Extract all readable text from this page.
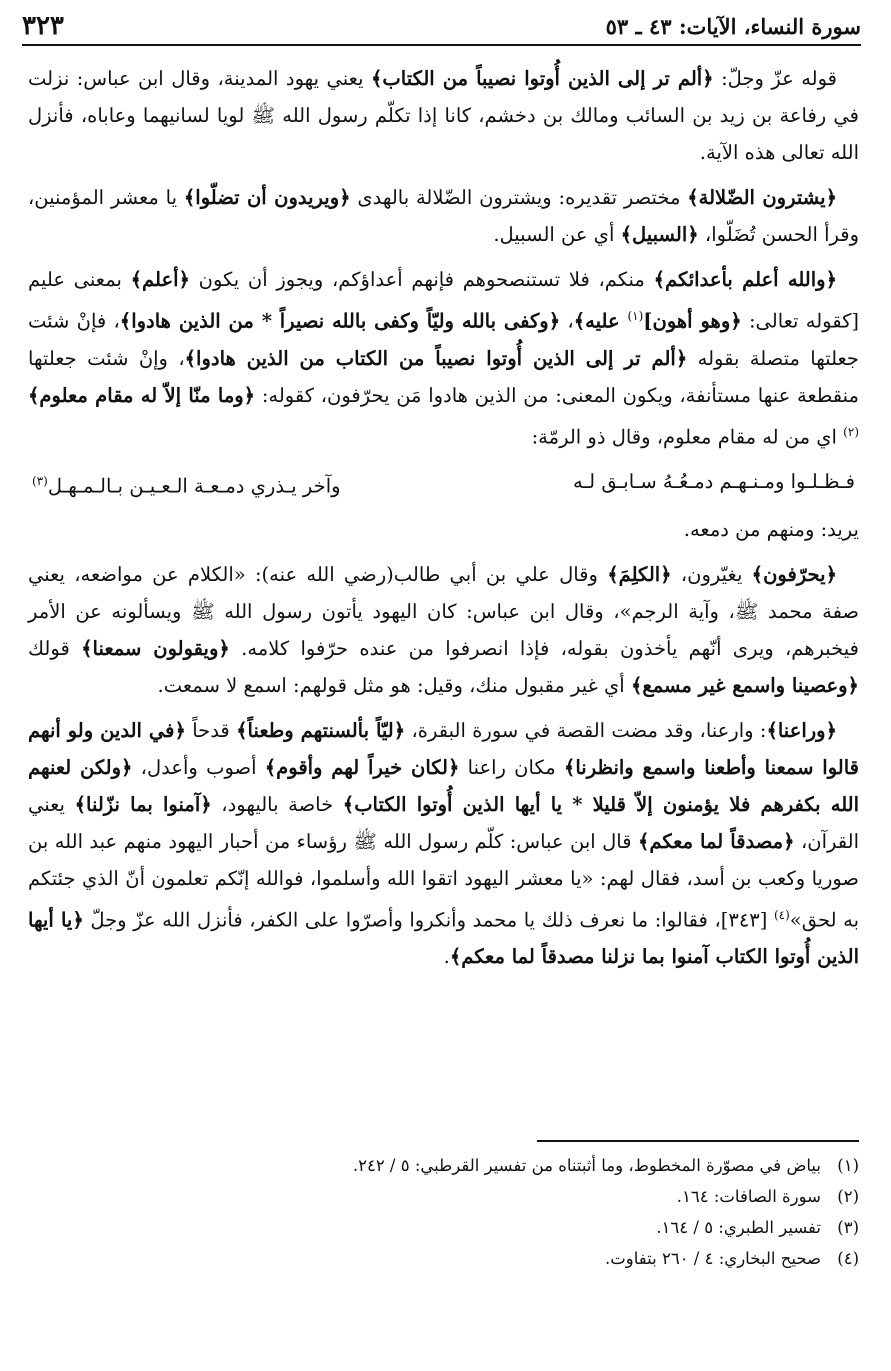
سورة النساء، الآيات: ٤٣ ـ ٥٣
٣٢٣

قوله عزّ وجلّ: ﴿ألم تر إلى الذين أُوتوا نصيباً من الكتاب﴾ يعني يهود المدينة، وقال ابن عباس: نزلت في رفاعة بن زيد بن السائب ومالك بن دخشم، كانا إذا تكلّم رسول الله ﷺ لويا لسانيهما وعاباه، فأنزل الله تعالى هذه الآية.

﴿يشترون الضّلالة﴾ مختصر تقديره: ويشترون الضّلالة بالهدى ﴿ويريدون أن تضلّوا﴾ يا معشر المؤمنين، وقرأ الحسن تُضَلّوا، ﴿السبيل﴾ أي عن السبيل.

﴿والله أعلم بأعدائكم﴾ منكم، فلا تستنصحوهم فإنهم أعداؤكم، ويجوز أن يكون ﴿أعلم﴾ بمعنى عليم [كقوله تعالى: ﴿وهو أهون]$^{(١)}$ عليه﴾، ﴿وكفى بالله وليّاً وكفى بالله نصيراً * من الذين هادوا﴾، فإنْ شئت جعلتها متصلة بقوله ﴿ألم تر إلى الذين أُوتوا نصيباً من الكتاب من الذين هادوا﴾، وإنْ شئت جعلتها منقطعة عنها مستأنفة، ويكون المعنى: من الذين هادوا مَن يحرّفون، كقوله: ﴿وما منّا إلاّ له مقام معلوم﴾$^{(٢)}$ اي من له مقام معلوم، وقال ذو الرمّة:

فـظـلـوا ومـنـهـم دمـعُـهُ سـابـق لـه
وآخر يـذري دمـعـة الـعـيـن بـالـمـهـل$^{(٣)}$

يريد: ومنهم من دمعه.

﴿يحرّفون﴾ يغيّرون، ﴿الكلِمَ﴾ وقال علي بن أبي طالب(رضي الله عنه): «الكلام عن مواضعه، يعني صفة محمد ﷺ، وآية الرجم»، وقال ابن عباس: كان اليهود يأتون رسول الله ﷺ ويسألونه عن الأمر فيخبرهم، ويرى أنّهم يأخذون بقوله، فإذا انصرفوا من عنده حرّفوا كلامه. ﴿ويقولون سمعنا﴾ قولك ﴿وعصينا واسمع غير مسمع﴾ أي غير مقبول منك، وقيل: هو مثل قولهم: اسمع لا سمعت.

﴿وراعنا﴾: وارعنا، وقد مضت القصة في سورة البقرة، ﴿ليّاً بألسنتهم وطعناً﴾ قدحاً ﴿في الدين ولو أنهم قالوا سمعنا وأطعنا واسمع وانظرنا﴾ مكان راعنا ﴿لكان خيراً لهم وأقوم﴾ أصوب وأعدل، ﴿ولكن لعنهم الله بكفرهم فلا يؤمنون إلاّ قليلا * يا أيها الذين أُوتوا الكتاب﴾ خاصة باليهود، ﴿آمنوا بما نزّلنا﴾ يعني القرآن، ﴿مصدقاً لما معكم﴾ قال ابن عباس: كلّم رسول الله ﷺ رؤساء من أحبار اليهود منهم عبد الله بن صوريا وكعب بن أسد، فقال لهم: «يا معشر اليهود اتقوا الله وأسلموا، فوالله إنّكم تعلمون أنّ الذي جئتكم به لحق»$^{(٤)}$ [٣٤٣]، فقالوا: ما نعرف ذلك يا محمد وأنكروا وأصرّوا على الكفر، فأنزل الله عزّ وجلّ ﴿يا أيها الذين أُوتوا الكتاب آمنوا بما نزلنا مصدقاً لما معكم﴾.

(١)
بياض في مصوّرة المخطوط، وما أثبتناه من تفسير القرطبي: ٥ / ٢٤٢.
(٢)
سورة الصافات: ١٦٤.
(٣)
تفسير الطبري: ٥ / ١٦٤.
(٤)
صحيح البخاري: ٤ / ٢٦٠ بتفاوت.
